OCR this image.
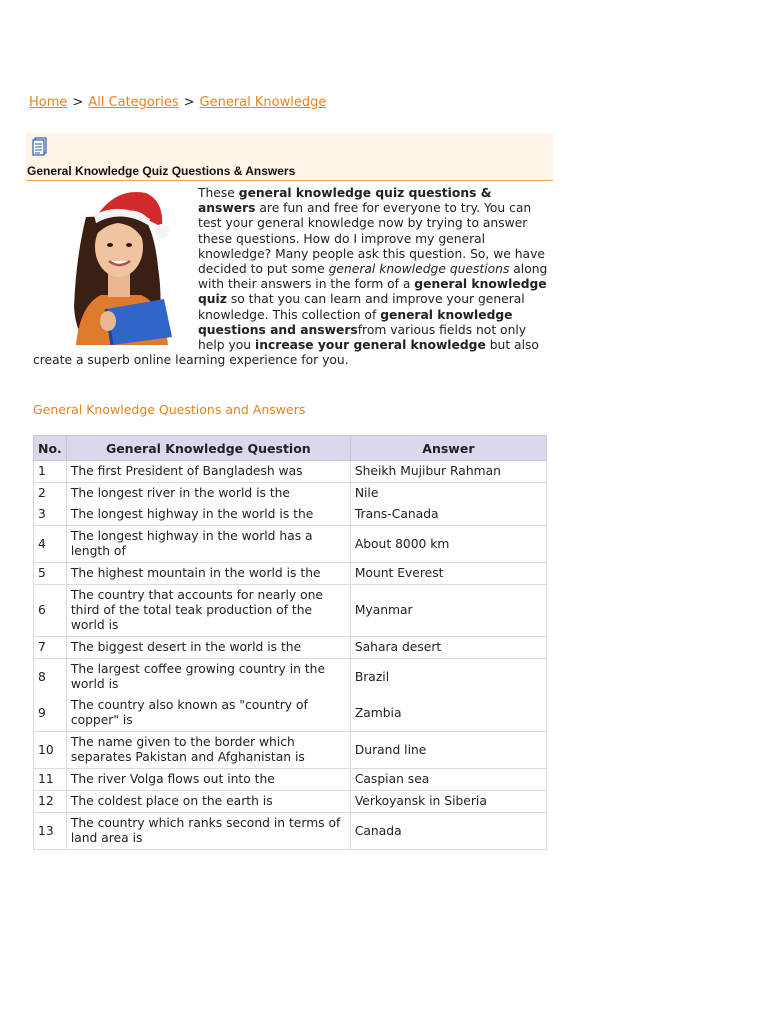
Home > All Categories > General Knowledge
General Knowledge Quiz Questions & Answers
These general knowledge quiz questions & answers are fun and free for everyone to try. You can test your general knowledge now by trying to answer these questions. How do I improve my general knowledge? Many people ask this question. So, we have decided to put some general knowledge questions along with their answers in the form of a general knowledge quiz so that you can learn and improve your general knowledge. This collection of general knowledge questions and answersfrom various fields not only help you increase your general knowledge but also create a superb online learning experience for you.
General Knowledge Questions and Answers
No.	General Knowledge Question	Answer
1	The first President of Bangladesh was	Sheikh Mujibur Rahman
2	The longest river in the world is the	Nile
3	The longest highway in the world is the	Trans-Canada
4	The longest highway in the world has a length of	About 8000 km
5	The highest mountain in the world is the	Mount Everest
6	The country that accounts for nearly one third of the total teak production of the world is	Myanmar
7	The biggest desert in the world is the	Sahara desert
8	The largest coffee growing country in the world is	Brazil
9	The country also known as "country of copper" is	Zambia
10	The name given to the border which separates Pakistan and Afghanistan is	Durand line
11	The river Volga flows out into the	Caspian sea
12	The coldest place on the earth is	Verkoyansk in Siberia
13	The country which ranks second in terms of land area is	Canada
